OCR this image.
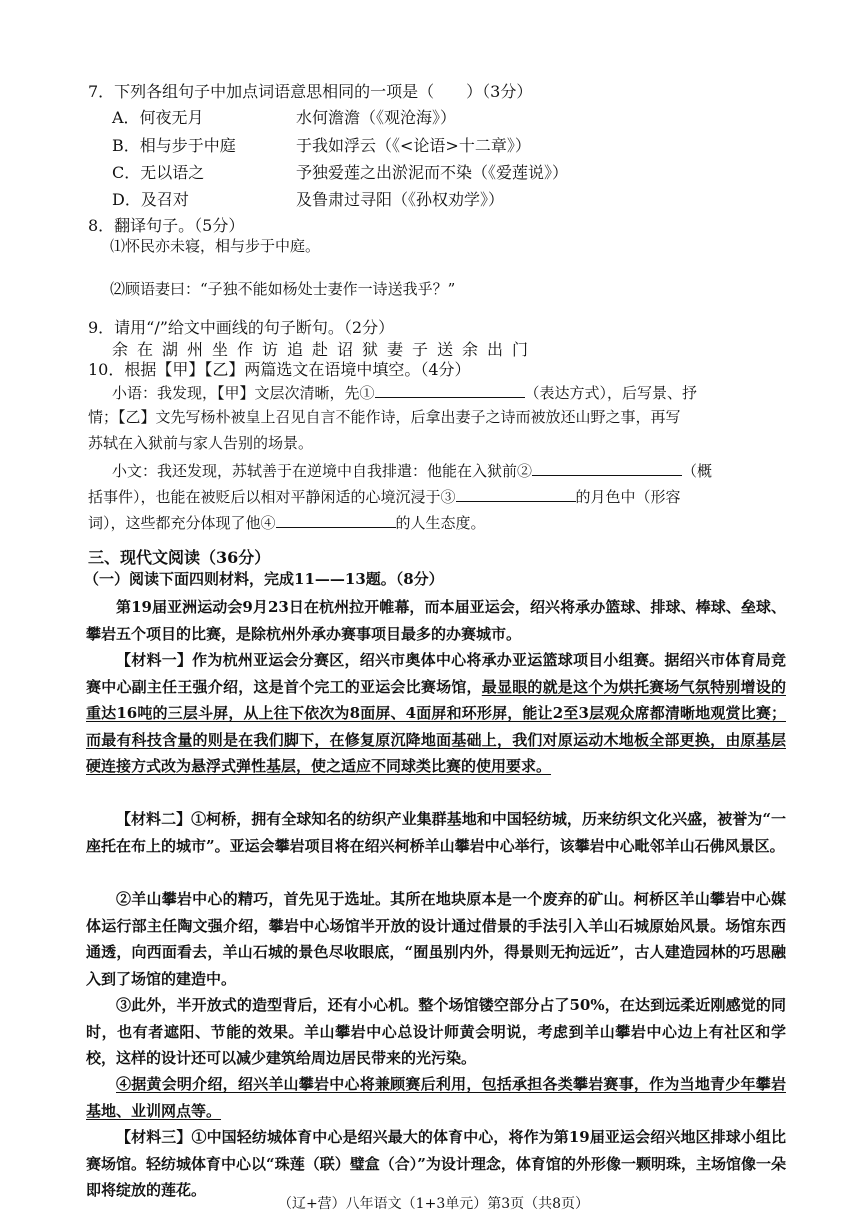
7．下列各组句子中加点词语意思相同的一项是（　　）（3分）
A．何夜无月	水何澹澹（《观沧海》）
B．相与步于中庭	于我如浮云（《<论语>十二章》）
C．无以语之	予独爱莲之出淤泥而不染（《爱莲说》）
D．及召对	及鲁肃过寻阳（《孙权劝学》）
8．翻译句子。（5分）
⑴怀民亦未寝，相与步于中庭。
⑵顾语妻曰：“子独不能如杨处士妻作一诗送我乎？”
9．请用“/”给文中画线的句子断句。（2分）
余在湖州坐作访追赴诏狱妻子送余出门
10．根据【甲】【乙】两篇选文在语境中填空。（4分）
小语：我发现，【甲】文层次清晰，先①	（表达方式），后写景、抒
情；【乙】文先写杨朴被皇上召见自言不能作诗，后拿出妻子之诗而被放还山野之事，再写
苏轼在入狱前与家人告别的场景。
小文：我还发现，苏轼善于在逆境中自我排遣：他能在入狱前②	（概
括事件），也能在被贬后以相对平静闲适的心境沉浸于③	的月色中（形容
词），这些都充分体现了他④	的人生态度。
三、现代文阅读（36分）
（一）阅读下面四则材料，完成11——13题。（8分）
第19届亚洲运动会9月23日在杭州拉开帷幕，而本届亚运会，绍兴将承办篮球、排球、棒球、垒球、攀岩五个项目的比赛，是除杭州外承办赛事项目最多的办赛城市。
【材料一】作为杭州亚运会分赛区，绍兴市奥体中心将承办亚运篮球项目小组赛。据绍兴市体育局竞赛中心副主任王强介绍，这是首个完工的亚运会比赛场馆，最显眼的就是这个为烘托赛场气氛特别增设的重达16吨的三层斗屏，从上往下依次为8面屏、4面屏和环形屏，能让2至3层观众席都清晰地观赏比赛；而最有科技含量的则是在我们脚下，在修复原沉降地面基础上，我们对原运动木地板全部更换，由原基层硬连接方式改为悬浮式弹性基层，使之适应不同球类比赛的使用要求。
【材料二】①柯桥，拥有全球知名的纺织产业集群基地和中国轻纺城，历来纺织文化兴盛，被誉为“一座托在布上的城市”。亚运会攀岩项目将在绍兴柯桥羊山攀岩中心举行，该攀岩中心毗邻羊山石佛风景区。
②羊山攀岩中心的精巧，首先见于选址。其所在地块原本是一个废弃的矿山。柯桥区羊山攀岩中心媒体运行部主任陶文强介绍，攀岩中心场馆半开放的设计通过借景的手法引入羊山石城原始风景。场馆东西通透，向西面看去，羊山石城的景色尽收眼底，“囿虽别内外，得景则无拘远近”，古人建造园林的巧思融入到了场馆的建造中。
③此外，半开放式的造型背后，还有小心机。整个场馆镂空部分占了50%，在达到远柔近刚感觉的同时，也有者遮阳、节能的效果。羊山攀岩中心总设计师黄会明说，考虑到羊山攀岩中心边上有社区和学校，这样的设计还可以减少建筑给周边居民带来的光污染。
④据黄会明介绍，绍兴羊山攀岩中心将兼顾赛后利用，包括承担各类攀岩赛事，作为当地青少年攀岩基地、业训网点等。
【材料三】①中国轻纺城体育中心是绍兴最大的体育中心，将作为第19届亚运会绍兴地区排球小组比赛场馆。轻纺城体育中心以“珠莲（联）璧盒（合）”为设计理念，体育馆的外形像一颗明珠，主场馆像一朵即将绽放的莲花。
（辽+营）八年语文（1+3单元）第3页（共8页）
